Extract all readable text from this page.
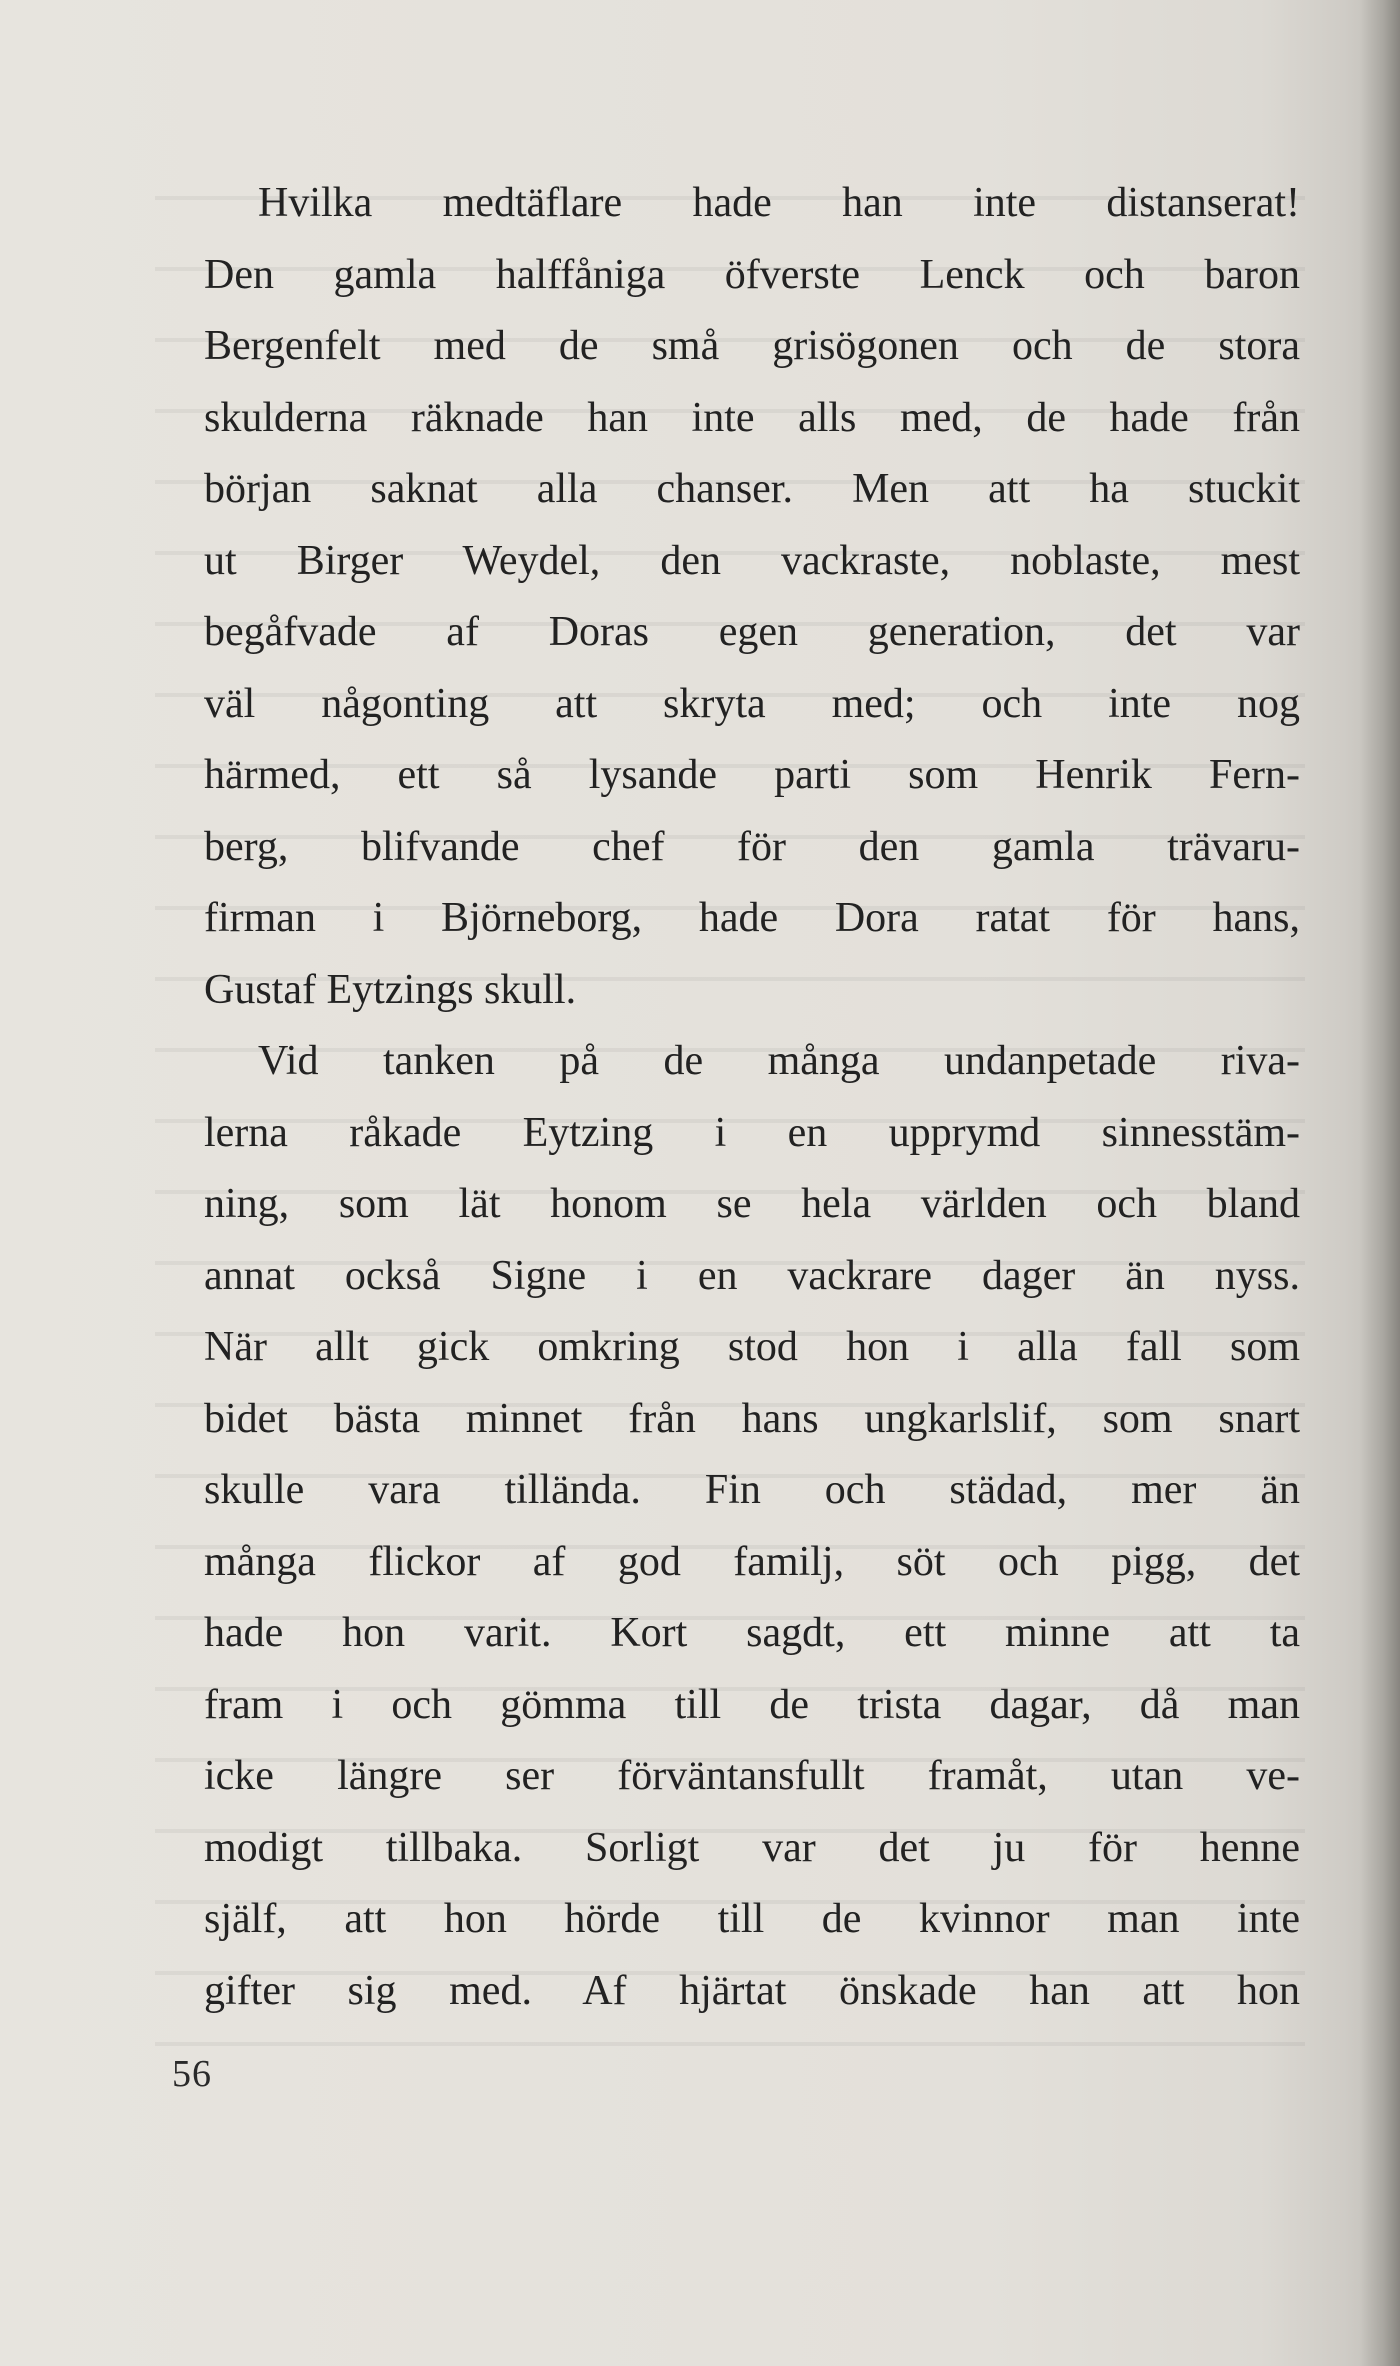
Hvilka medtäflare hade han inte distanserat!
Den gamla halffåniga öfverste Lenck och baron
Bergenfelt med de små grisögonen och de stora
skulderna räknade han inte alls med, de hade från
början saknat alla chanser. Men att ha stuckit
ut Birger Weydel, den vackraste, noblaste, mest
begåfvade af Doras egen generation, det var
väl någonting att skryta med; och inte nog
härmed, ett så lysande parti som Henrik Fern-
berg, blifvande chef för den gamla trävaru-
firman i Björneborg, hade Dora ratat för hans,
Gustaf Eytzings skull.
Vid tanken på de många undanpetade riva-
lerna råkade Eytzing i en upprymd sinnesstäm-
ning, som lät honom se hela världen och bland
annat också Signe i en vackrare dager än nyss.
När allt gick omkring stod hon i alla fall som
bidet bästa minnet från hans ungkarlslif, som snart
skulle vara tillända. Fin och städad, mer än
många flickor af god familj, söt och pigg, det
hade hon varit. Kort sagdt, ett minne att ta
fram i och gömma till de trista dagar, då man
icke längre ser förväntansfullt framåt, utan ve-
modigt tillbaka. Sorligt var det ju för henne
själf, att hon hörde till de kvinnor man inte
gifter sig med. Af hjärtat önskade han att hon
56
